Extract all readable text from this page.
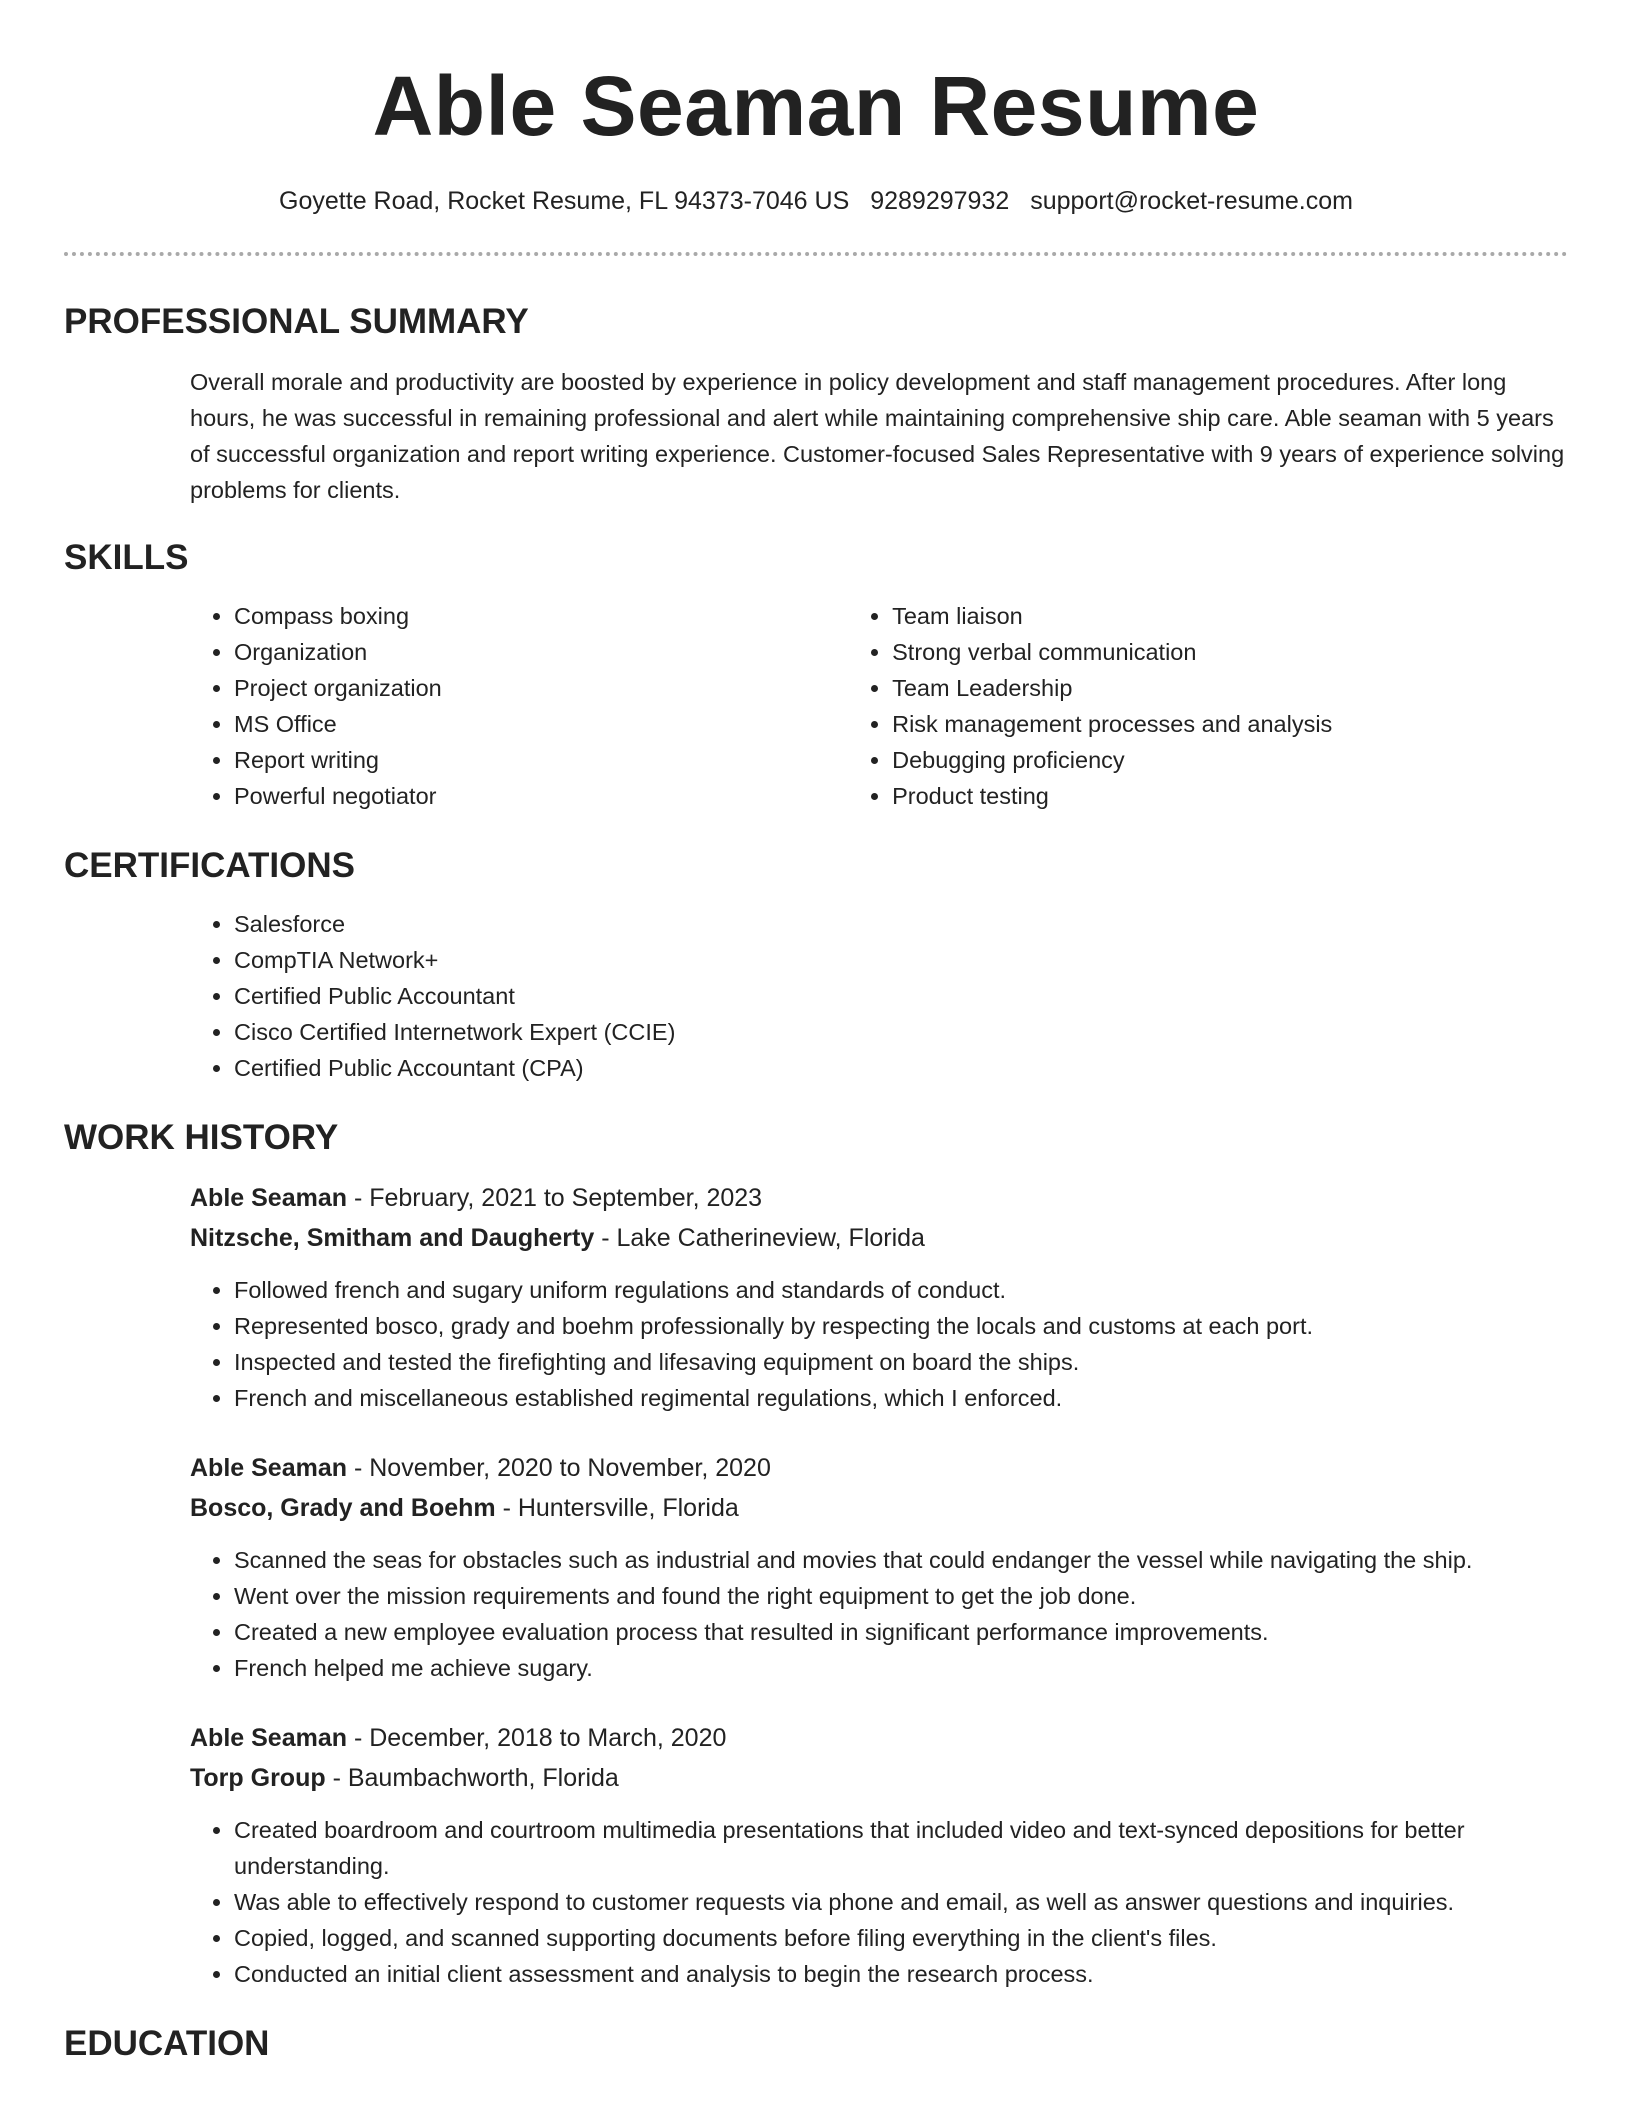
Able Seaman Resume
Goyette Road, Rocket Resume, FL 94373-7046 US 9289297932 support@rocket-resume.com
PROFESSIONAL SUMMARY

Overall morale and productivity are boosted by experience in policy development and staff management procedures. After long hours, he was successful in remaining professional and alert while maintaining comprehensive ship care. Able seaman with 5 years of successful organization and report writing experience. Customer-focused Sales Representative with 9 years of experience solving problems for clients.

SKILLS
• Compass boxing
• Organization
• Project organization
• MS Office
• Report writing
• Powerful negotiator
• Team liaison
• Strong verbal communication
• Team Leadership
• Risk management processes and analysis
• Debugging proficiency
• Product testing
CERTIFICATIONS
• Salesforce
• CompTIA Network+
• Certified Public Accountant
• Cisco Certified Internetwork Expert (CCIE)
• Certified Public Accountant (CPA)
WORK HISTORY
Able Seaman - February, 2021 to September, 2023
Nitzsche, Smitham and Daugherty - Lake Catherineview, Florida
• Followed french and sugary uniform regulations and standards of conduct.
• Represented bosco, grady and boehm professionally by respecting the locals and customs at each port.
• Inspected and tested the firefighting and lifesaving equipment on board the ships.
• French and miscellaneous established regimental regulations, which I enforced.
Able Seaman - November, 2020 to November, 2020
Bosco, Grady and Boehm - Huntersville, Florida
• Scanned the seas for obstacles such as industrial and movies that could endanger the vessel while navigating the ship.
• Went over the mission requirements and found the right equipment to get the job done.
• Created a new employee evaluation process that resulted in significant performance improvements.
• French helped me achieve sugary.
Able Seaman - December, 2018 to March, 2020
Torp Group - Baumbachworth, Florida
• Created boardroom and courtroom multimedia presentations that included video and text-synced depositions for better understanding.
• Was able to effectively respond to customer requests via phone and email, as well as answer questions and inquiries.
• Copied, logged, and scanned supporting documents before filing everything in the client's files.
• Conducted an initial client assessment and analysis to begin the research process.
EDUCATION
